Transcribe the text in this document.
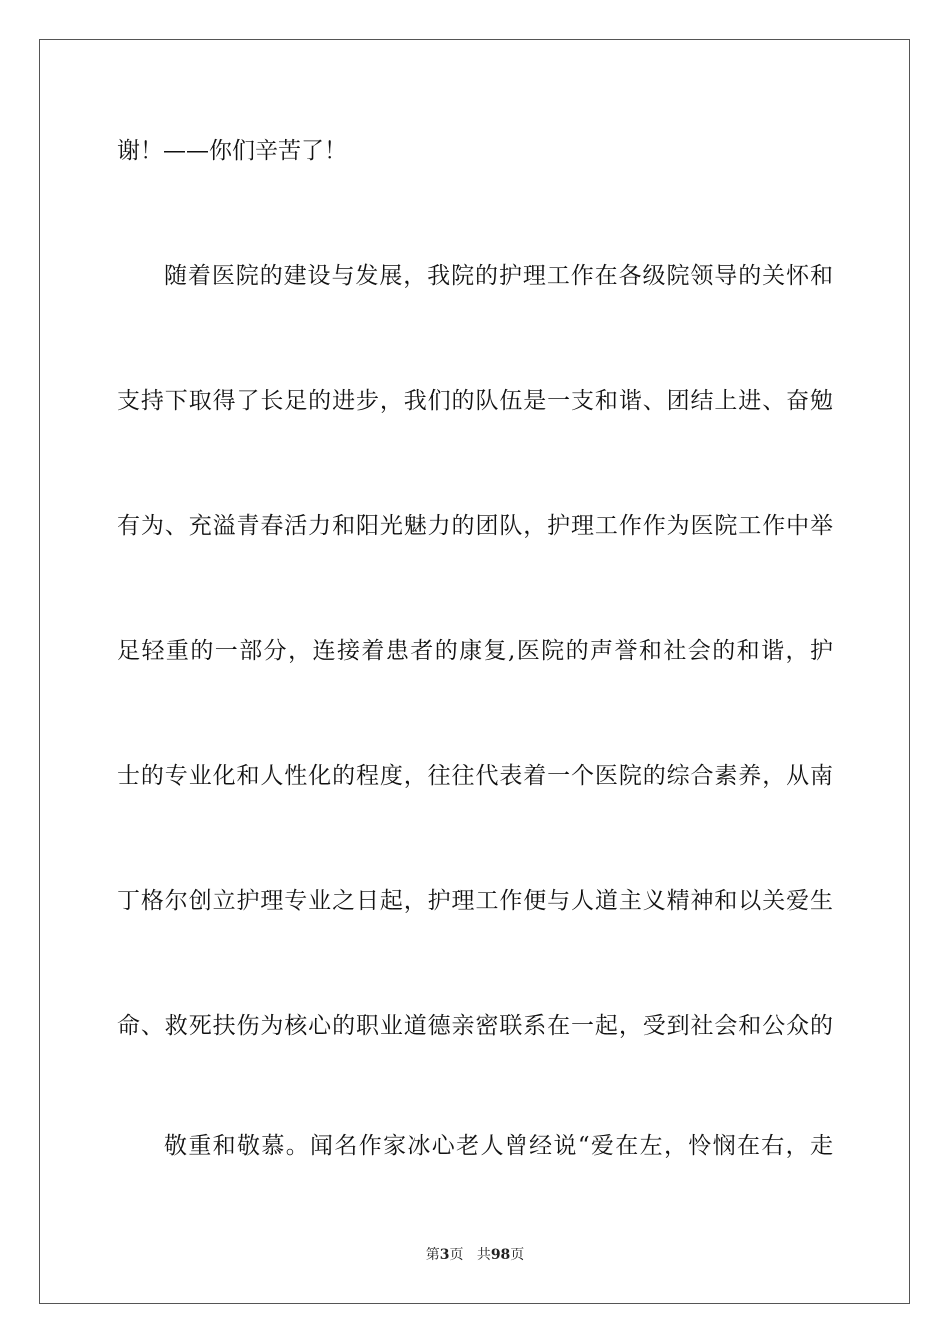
谢！——你们辛苦了！
随着医院的建设与发展，我院的护理工作在各级院领导的关怀和
支持下取得了长足的进步，我们的队伍是一支和谐、团结上进、奋勉
有为、充溢青春活力和阳光魅力的团队，护理工作作为医院工作中举
足轻重的一部分，连接着患者的康复,医院的声誉和社会的和谐，护
士的专业化和人性化的程度，往往代表着一个医院的综合素养，从南
丁格尔创立护理专业之日起，护理工作便与人道主义精神和以关爱生
命、救死扶伤为核心的职业道德亲密联系在一起，受到社会和公众的
敬重和敬慕。闻名作家冰心老人曾经说“爱在左，怜悯在右，走
第3页 共98页
